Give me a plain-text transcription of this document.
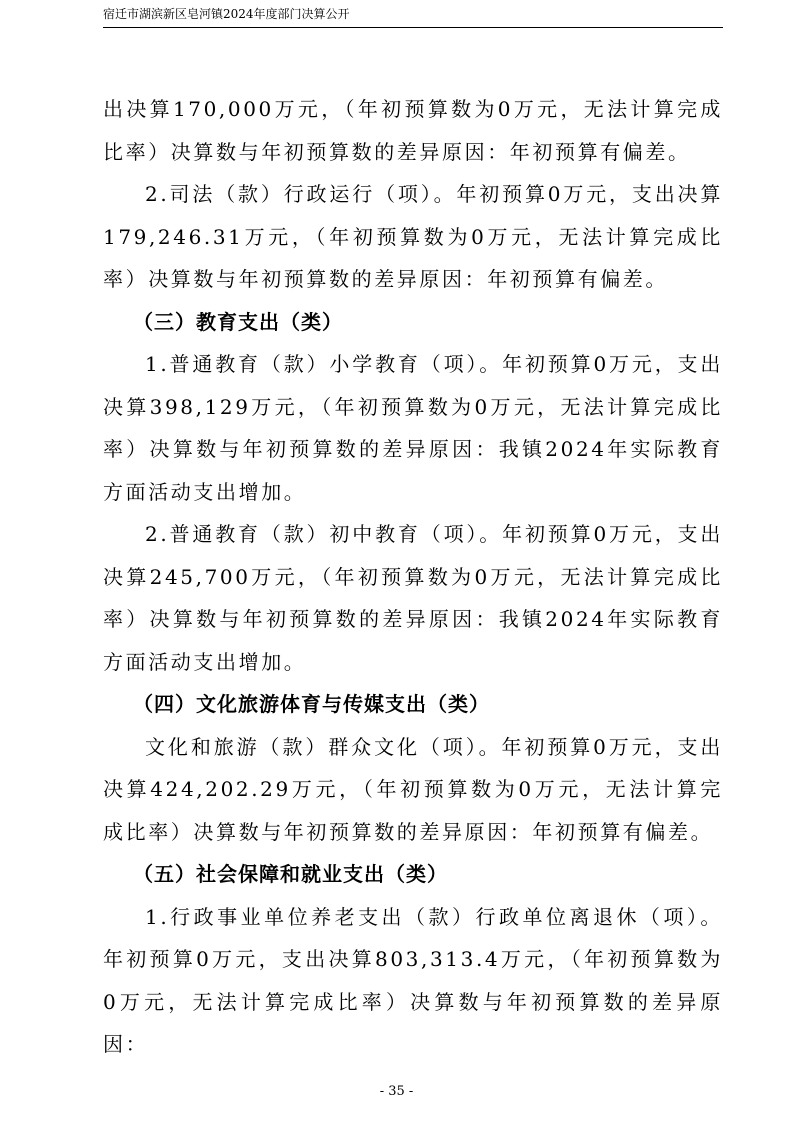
宿迁市湖滨新区皂河镇2024年度部门决算公开

出决算170,000万元，（年初预算数为0万元，无法计算完成比率）决算数与年初预算数的差异原因：年初预算有偏差。

2.司法（款）行政运行（项）。年初预算0万元，支出决算179,246.31万元，（年初预算数为0万元，无法计算完成比率）决算数与年初预算数的差异原因：年初预算有偏差。

（三）教育支出（类）

1.普通教育（款）小学教育（项）。年初预算0万元，支出决算398,129万元，（年初预算数为0万元，无法计算完成比率）决算数与年初预算数的差异原因：我镇2024年实际教育方面活动支出增加。

2.普通教育（款）初中教育（项）。年初预算0万元，支出决算245,700万元，（年初预算数为0万元，无法计算完成比率）决算数与年初预算数的差异原因：我镇2024年实际教育方面活动支出增加。

（四）文化旅游体育与传媒支出（类）

文化和旅游（款）群众文化（项）。年初预算0万元，支出决算424,202.29万元，（年初预算数为0万元，无法计算完成比率）决算数与年初预算数的差异原因：年初预算有偏差。

（五）社会保障和就业支出（类）

1.行政事业单位养老支出（款）行政单位离退休（项）。年初预算0万元，支出决算803,313.4万元，（年初预算数为0万元，无法计算完成比率）决算数与年初预算数的差异原因：

- 35 -
